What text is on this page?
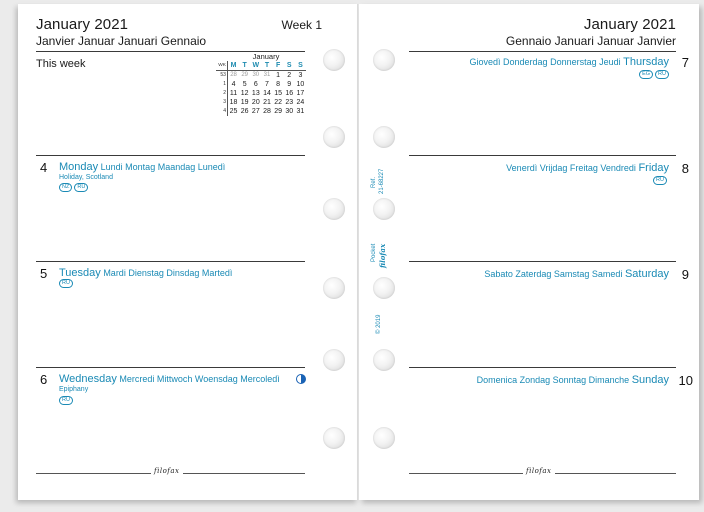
January 2021	Week 1
Janvier Januar Januari Gennaio
This week
January
WK	M	T	W	T	F	S	S
53	28	29	30	31	1	2	3
1	4	5	6	7	8	9	10
2	11	12	13	14	15	16	17
3	18	19	20	21	22	23	24
4	25	26	27	28	29	30	31
4 Monday Lundi Montag Maandag Lunedì
Holiday, Scotland
NZ RU
5 Tuesday Mardi Dienstag Dinsdag Martedì
RU
6 Wednesday Mercredi Mittwoch Woensdag Mercoledì
Epiphany
RU
filofax
January 2021
Gennaio Januari Januar Janvier
7
Giovedì Donderdag Donnerstag Jeudi Thursday
EG RU
8
Venerdì Vrijdag Freitag Vendredi Friday
RU
9
Sabato Zaterdag Samstag Samedi Saturday
10
Domenica Zondag Sonntag Dimanche Sunday
filofax
Ref. 21-68227
Pocket filofax
© 2019
